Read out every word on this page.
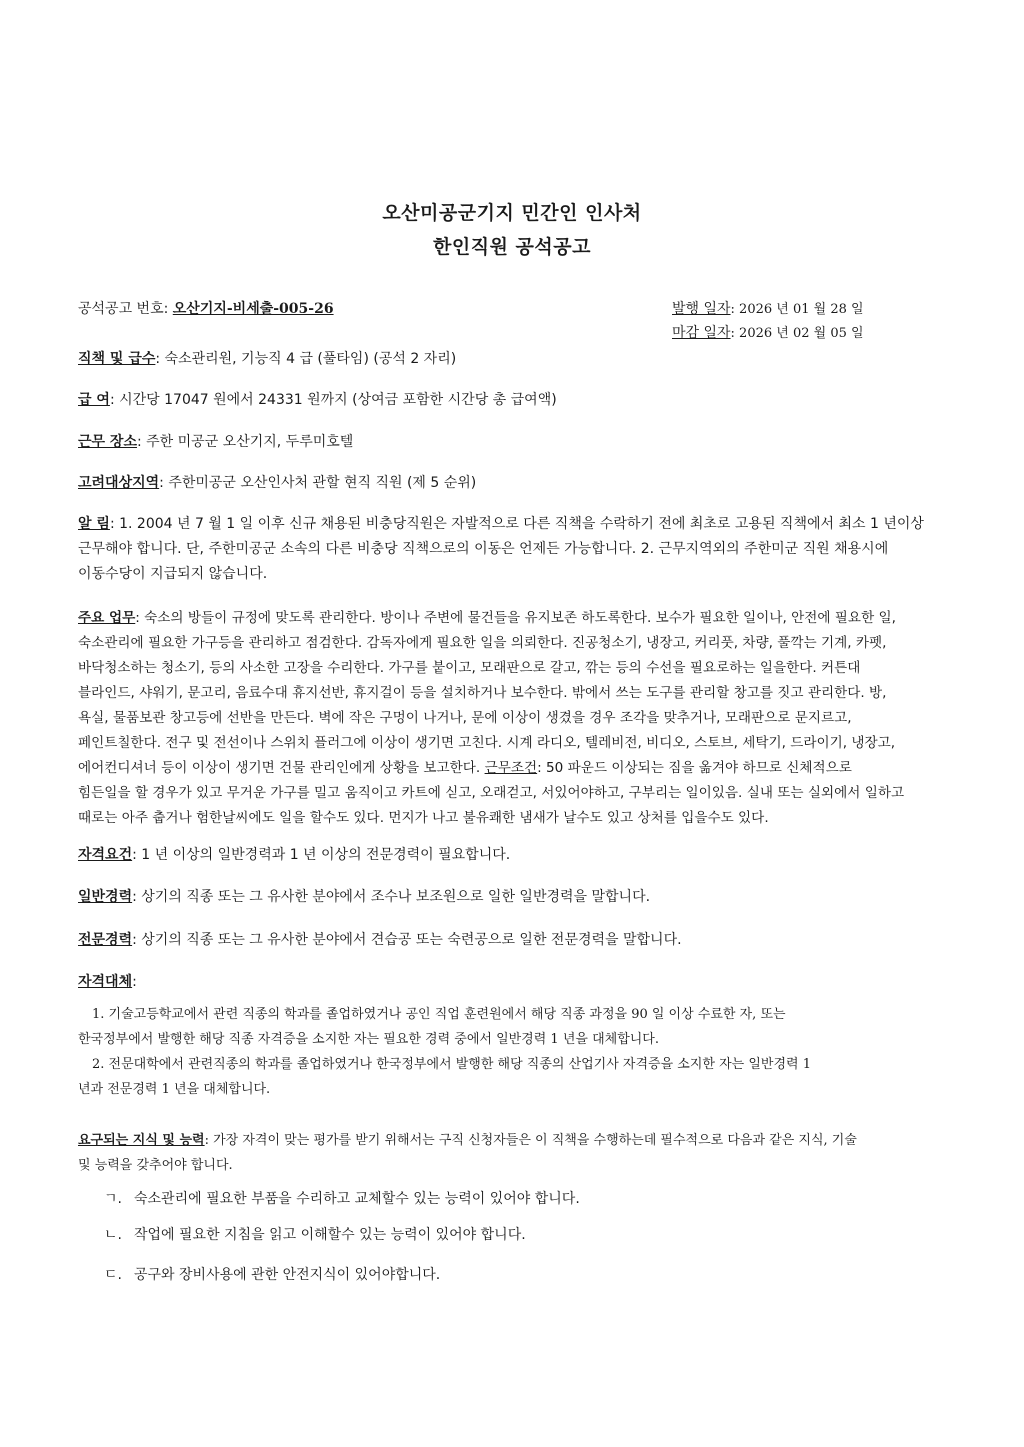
오산미공군기지 민간인 인사처
한인직원 공석공고
공석공고 번호: 오산기지-비세출-005-26	발행 일자: 2026 년 01 월 28 일
마감 일자: 2026 년 02 월 05 일
직책 및 급수: 숙소관리원, 기능직 4 급 (풀타임) (공석 2 자리)
급 여: 시간당 17047 원에서 24331 원까지 (상여금 포함한 시간당 총 급여액)
근무 장소: 주한 미공군 오산기지, 두루미호텔
고려대상지역: 주한미공군 오산인사처 관할 현직 직원 (제 5 순위)
알 림: 1. 2004 년 7 월 1 일 이후 신규 채용된 비충당직원은 자발적으로 다른 직책을 수락하기 전에 최초로 고용된 직책에서 최소 1 년이상
근무해야 합니다. 단, 주한미공군 소속의 다른 비충당 직책으로의 이동은 언제든 가능합니다. 2. 근무지역외의 주한미군 직원 채용시에
이동수당이 지급되지 않습니다.
주요 업무: 숙소의 방들이 규정에 맞도록 관리한다. 방이나 주변에 물건들을 유지보존 하도록한다. 보수가 필요한 일이나, 안전에 필요한 일,
숙소관리에 필요한 가구등을 관리하고 점검한다. 감독자에게 필요한 일을 의뢰한다. 진공청소기, 냉장고, 커리풋, 차량, 풀깍는 기계, 카펫,
바닥청소하는 청소기, 등의 사소한 고장을 수리한다. 가구를 붙이고, 모래판으로 갈고, 깎는 등의 수선을 필요로하는 일을한다. 커튼대
블라인드, 샤워기, 문고리, 음료수대 휴지선반, 휴지걸이 등을 설치하거나 보수한다. 밖에서 쓰는 도구를 관리할 창고를 짓고 관리한다. 방,
욕실, 물품보관 창고등에 선반을 만든다. 벽에 작은 구멍이 나거나, 문에 이상이 생겼을 경우 조각을 맞추거나, 모래판으로 문지르고,
페인트칠한다. 전구 및 전선이나 스위치 플러그에 이상이 생기면 고친다. 시계 라디오, 텔레비전, 비디오, 스토브, 세탁기, 드라이기, 냉장고,
에어컨디셔너 등이 이상이 생기면 건물 관리인에게 상황을 보고한다. 근무조건: 50 파운드 이상되는 짐을 옮겨야 하므로 신체적으로
힘든일을 할 경우가 있고 무거운 가구를 밀고 움직이고 카트에 싣고, 오래걷고, 서있어야하고, 구부리는 일이있음. 실내 또는 실외에서 일하고
때로는 아주 춥거나 험한날씨에도 일을 할수도 있다. 먼지가 나고 불유쾌한 냄새가 날수도 있고 상처를 입을수도 있다.
자격요건: 1 년 이상의 일반경력과 1 년 이상의 전문경력이 필요합니다.
일반경력: 상기의 직종 또는 그 유사한 분야에서 조수나 보조원으로 일한 일반경력을 말합니다.
전문경력: 상기의 직종 또는 그 유사한 분야에서 견습공 또는 숙련공으로 일한 전문경력을 말합니다.
자격대체:
1. 기술고등학교에서 관련 직종의 학과를 졸업하였거나 공인 직업 훈련원에서 해당 직종 과정을 90 일 이상 수료한 자, 또는
한국정부에서 발행한 해당 직종 자격증을 소지한 자는 필요한 경력 중에서 일반경력 1 년을 대체합니다.
2. 전문대학에서 관련직종의 학과를 졸업하였거나 한국정부에서 발행한 해당 직종의 산업기사 자격증을 소지한 자는 일반경력 1
년과 전문경력 1 년을 대체합니다.
요구되는 지식 및 능력: 가장 자격이 맞는 평가를 받기 위해서는 구직 신청자들은 이 직책을 수행하는데 필수적으로 다음과 같은 지식, 기술
및 능력을 갖추어야 합니다.
ㄱ. 숙소관리에 필요한 부품을 수리하고 교체할수 있는 능력이 있어야 합니다.
ㄴ. 작업에 필요한 지침을 읽고 이해할수 있는 능력이 있어야 합니다.
ㄷ. 공구와 장비사용에 관한 안전지식이 있어야합니다.
